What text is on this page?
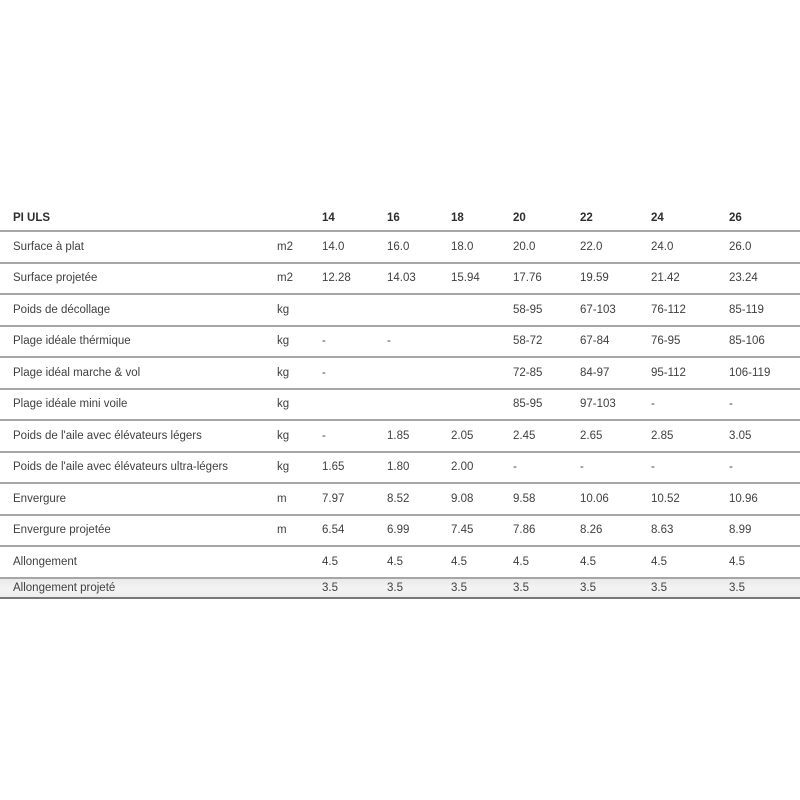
PI ULS		14	16	18	20	22	24	26
Surface à plat	m2	14.0	16.0	18.0	20.0	22.0	24.0	26.0
Surface projetée	m2	12.28	14.03	15.94	17.76	19.59	21.42	23.24
Poids de décollage	kg				58-95	67-103	76-112	85-119
Plage idéale thérmique	kg	-	-		58-72	67-84	76-95	85-106
Plage idéal marche & vol	kg	-			72-85	84-97	95-112	106-119
Plage idéale mini voile	kg				85-95	97-103	-	-
Poids de l'aile avec élévateurs légers	kg	-	1.85	2.05	2.45	2.65	2.85	3.05
Poids de l'aile avec élévateurs ultra-légers	kg	1.65	1.80	2.00	-	-	-	-
Envergure	m	7.97	8.52	9.08	9.58	10.06	10.52	10.96
Envergure projetée	m	6.54	6.99	7.45	7.86	8.26	8.63	8.99
Allongement		4.5	4.5	4.5	4.5	4.5	4.5	4.5
Allongement projeté		3.5	3.5	3.5	3.5	3.5	3.5	3.5
